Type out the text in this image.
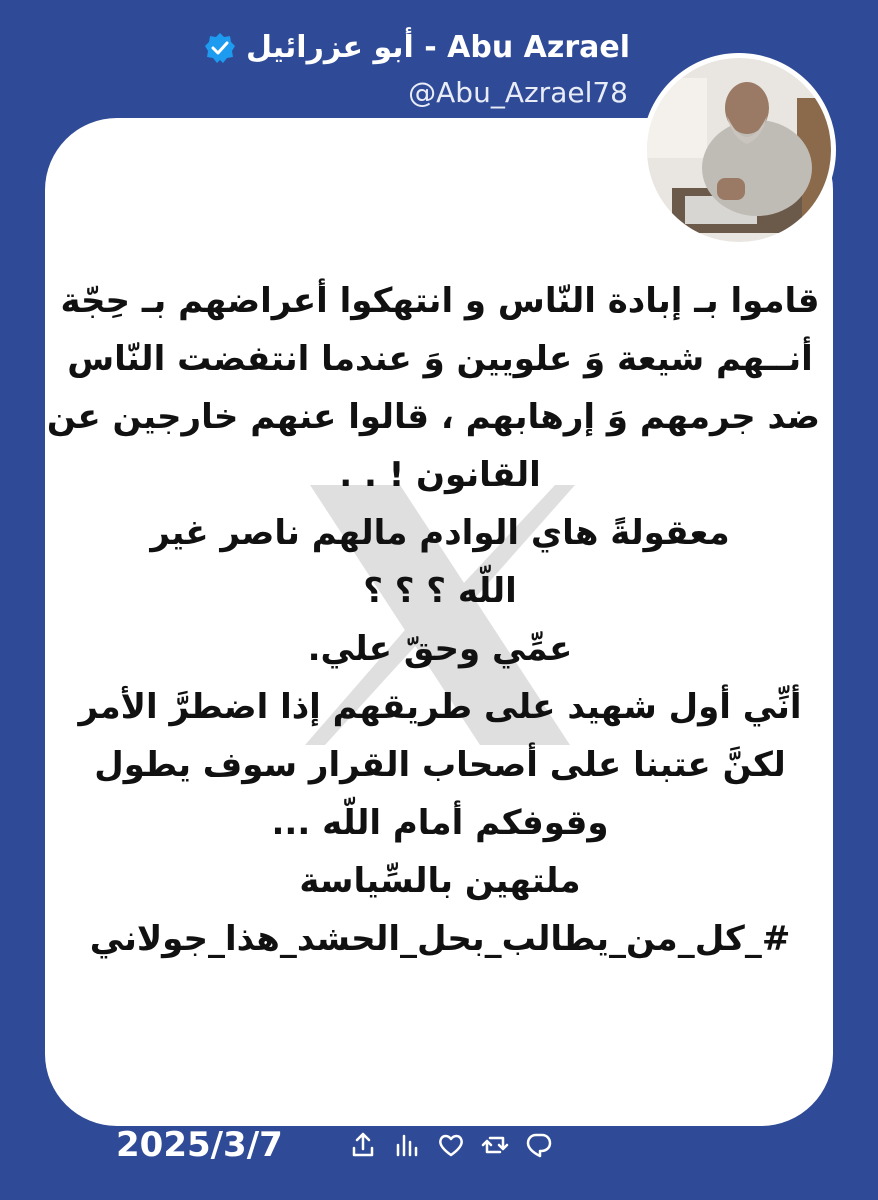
أبو عزرائيل - Abu Azrael
@Abu_Azrael78
قاموا بـ إبادة النّاس و انتهكوا أعراضهم بـ حِجّة
أنــهم شيعة وَ علويين وَ عندما انتفضت النّاس
ضد جرمهم وَ إرهابهم ، قالوا عنهم خارجين عن
القانون ! . .
معقولةً هاي الوادم مالهم ناصر غير
اللّه ؟ ؟ ؟
عمِّي وحقّ علي.
أنِّي أول شهيد على طريقهم إذا اضطرَّ الأمر
لكنَّ عتبنا على أصحاب القرار سوف يطول
وقوفكم أمام اللّه ...
ملتهين بالسِّياسة
#_كل_من_يطالب_بحل_الحشد_هذا_جولاني
2025/3/7
